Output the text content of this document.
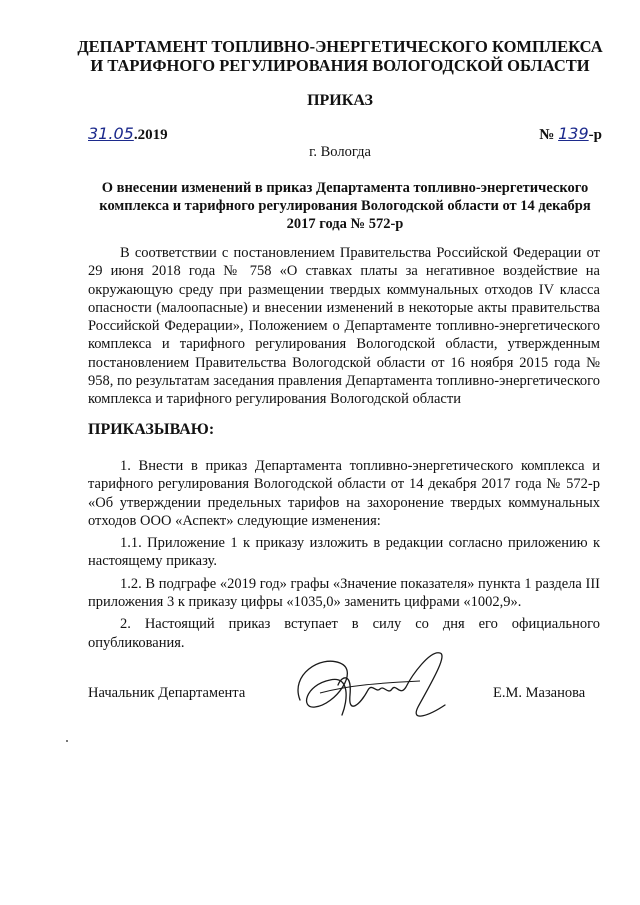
ДЕПАРТАМЕНТ ТОПЛИВНО-ЭНЕРГЕТИЧЕСКОГО КОМПЛЕКСА
И ТАРИФНОГО РЕГУЛИРОВАНИЯ ВОЛОГОДСКОЙ ОБЛАСТИ
ПРИКАЗ
31.05.2019	№ 139-р
г. Вологда
О внесении изменений в приказ Департамента топливно-энергетического комплекса и тарифного регулирования Вологодской области от 14 декабря 2017 года № 572-р
В соответствии с постановлением Правительства Российской Федерации от 29 июня 2018 года № 758 «О ставках платы за негативное воздействие на окружающую среду при размещении твердых коммунальных отходов IV класса опасности (малоопасные) и внесении изменений в некоторые акты правительства Российской Федерации», Положением о Департаменте топливно-энергетического комплекса и тарифного регулирования Вологодской области, утвержденным постановлением Правительства Вологодской области от 16 ноября 2015 года № 958, по результатам заседания правления Департамента топливно-энергетического комплекса и тарифного регулирования Вологодской области
ПРИКАЗЫВАЮ:

1. Внести в приказ Департамента топливно-энергетического комплекса и тарифного регулирования Вологодской области от 14 декабря 2017 года № 572-р «Об утверждении предельных тарифов на захоронение твердых коммунальных отходов ООО «Аспект» следующие изменения:

1.1. Приложение 1 к приказу изложить в редакции согласно приложению к настоящему приказу.

1.2. В подграфе «2019 год» графы «Значение показателя» пункта 1 раздела III приложения 3 к приказу цифры «1035,0» заменить цифрами «1002,9».

2. Настоящий приказ вступает в силу со дня его официального опубликования.

Начальник Департамента	Е.М. Мазанова
